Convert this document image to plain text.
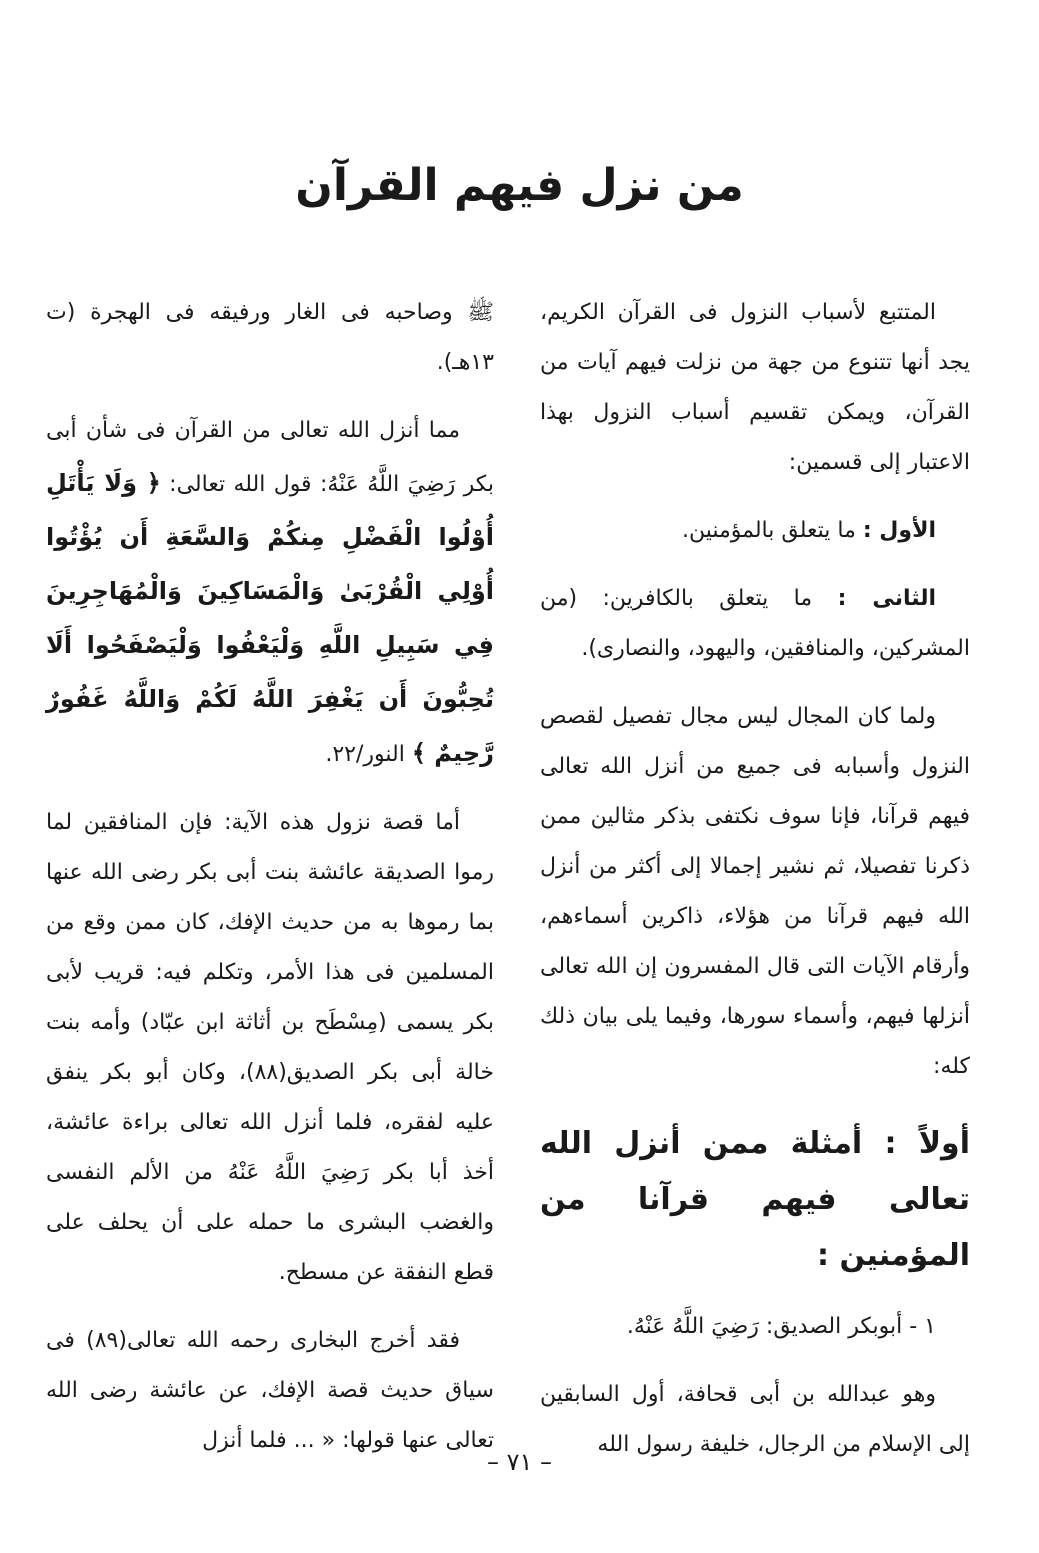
من نزل فيهم القرآن

المتتبع لأسباب النزول فى القرآن الكريم، يجد أنها تتنوع من جهة من نزلت فيهم آيات من القرآن، ويمكن تقسيم أسباب النزول بهذا الاعتبار إلى قسمين:

الأول : ما يتعلق بالمؤمنين.

الثانى : ما يتعلق بالكافرين: (من المشركين، والمنافقين، واليهود، والنصارى).

ولما كان المجال ليس مجال تفصيل لقصص النزول وأسبابه فى جميع من أنزل الله تعالى فيهم قرآنا، فإنا سوف نكتفى بذكر مثالين ممن ذكرنا تفصيلا، ثم نشير إجمالا إلى أكثر من أنزل الله فيهم قرآنا من هؤلاء، ذاكرين أسماءهم، وأرقام الآيات التى قال المفسرون إن الله تعالى أنزلها فيهم، وأسماء سورها، وفيما يلى بيان ذلك كله:

أولاً : أمثلة ممن أنزل الله تعالى فيهم قرآنا من المؤمنين :

١ - أبوبكر الصديق: رَضِيَ اللَّهُ عَنْهُ.

وهو عبدالله بن أبى قحافة، أول السابقين إلى الإسلام من الرجال، خليفة رسول الله

ﷺ وصاحبه فى الغار ورفيقه فى الهجرة (ت ١٣هـ).

مما أنزل الله تعالى من القرآن فى شأن أبى بكر رَضِيَ اللَّهُ عَنْهُ: قول الله تعالى: ﴿ وَلَا يَأْتَلِ أُوْلُوا الْفَضْلِ مِنكُمْ وَالسَّعَةِ أَن يُؤْتُوا أُوْلِي الْقُرْبَىٰ وَالْمَسَاكِينَ وَالْمُهَاجِرِينَ فِي سَبِيلِ اللَّهِ وَلْيَعْفُوا وَلْيَصْفَحُوا أَلَا تُحِبُّونَ أَن يَغْفِرَ اللَّهُ لَكُمْ وَاللَّهُ غَفُورٌ رَّحِيمٌ ﴾ النور/٢٢.

أما قصة نزول هذه الآية: فإن المنافقين لما رموا الصديقة عائشة بنت أبى بكر رضى الله عنها بما رموها به من حديث الإفك، كان ممن وقع من المسلمين فى هذا الأمر، وتكلم فيه: قريب لأبى بكر يسمى (مِسْطَح بن أثاثة ابن عبّاد) وأمه بنت خالة أبى بكر الصديق(٨٨)، وكان أبو بكر ينفق عليه لفقره، فلما أنزل الله تعالى براءة عائشة، أخذ أبا بكر رَضِيَ اللَّهُ عَنْهُ من الألم النفسى والغضب البشرى ما حمله على أن يحلف على قطع النفقة عن مسطح.

فقد أخرج البخارى رحمه الله تعالى(٨٩) فى سياق حديث قصة الإفك، عن عائشة رضى الله تعالى عنها قولها: « ... فلما أنزل

– ٧١ –
